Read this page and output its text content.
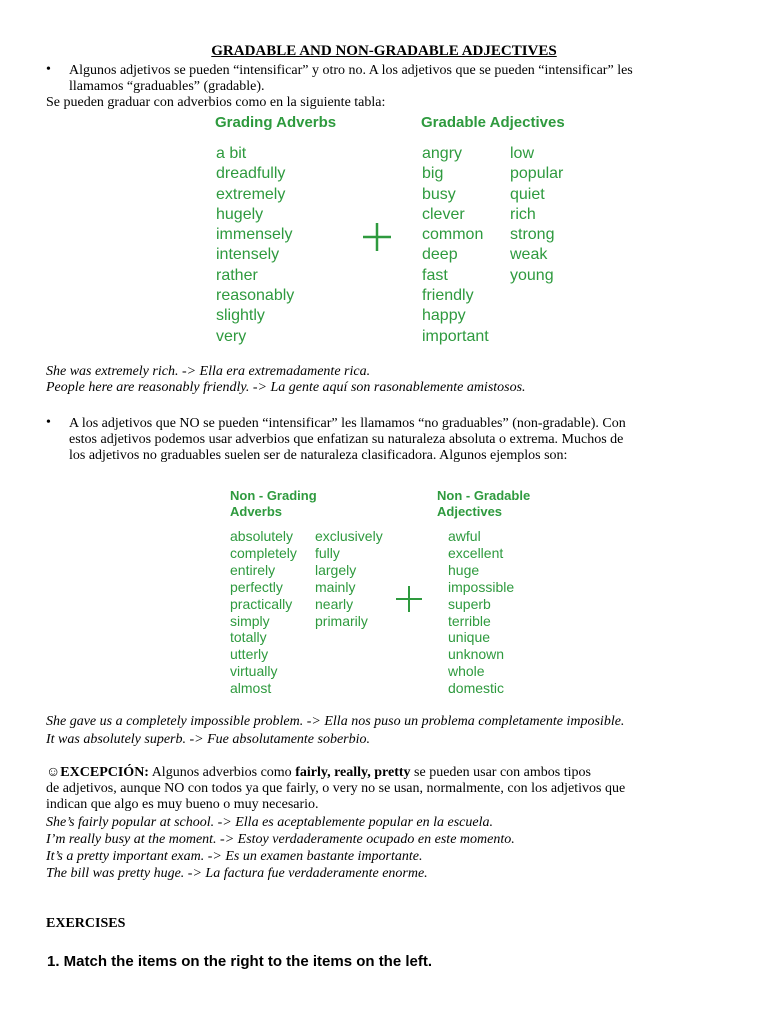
GRADABLE AND NON-GRADABLE ADJECTIVES
• Algunos adjetivos se pueden “intensificar” y otro no. A los adjetivos que se pueden “intensificar” les
llamamos “graduables” (gradable).
Se pueden graduar con adverbios como en la siguiente tabla:
Grading Adverbs	Gradable Adjectives
a bit
dreadfully
extremely
hugely
immensely
intensely
rather
reasonably
slightly
very
angry
big
busy
clever
common
deep
fast
friendly
happy
important
low
popular
quiet
rich
strong
weak
young
She was extremely rich. -> Ella era extremadamente rica.
People here are reasonably friendly. -> La gente aquí son rasonablemente amistosos.
• A los adjetivos que NO se pueden “intensificar” les llamamos “no graduables” (non-gradable). Con
estos adjetivos podemos usar adverbios que enfatizan su naturaleza absoluta o extrema. Muchos de
los adjetivos no graduables suelen ser de naturaleza clasificadora. Algunos ejemplos son:
Non - Grading
Adverbs
Non - Gradable
Adjectives
absolutely
completely
entirely
perfectly
practically
simply
totally
utterly
virtually
almost
exclusively
fully
largely
mainly
nearly
primarily
awful
excellent
huge
impossible
superb
terrible
unique
unknown
whole
domestic
She gave us a completely impossible problem. -> Ella nos puso un problema completamente imposible.
It was absolutely superb. -> Fue absolutamente soberbio.
☺EXCEPCIÓN: Algunos adverbios como fairly, really, pretty se pueden usar con ambos tipos
de adjetivos, aunque NO con todos ya que fairly, o very no se usan, normalmente, con los adjetivos que
indican que algo es muy bueno o muy necesario.
She’s fairly popular at school. -> Ella es aceptablemente popular en la escuela.
I’m really busy at the moment. -> Estoy verdaderamente ocupado en este momento.
It’s a pretty important exam. -> Es un examen bastante importante.
The bill was pretty huge. -> La factura fue verdaderamente enorme.
EXERCISES
1. Match the items on the right to the items on the left.
